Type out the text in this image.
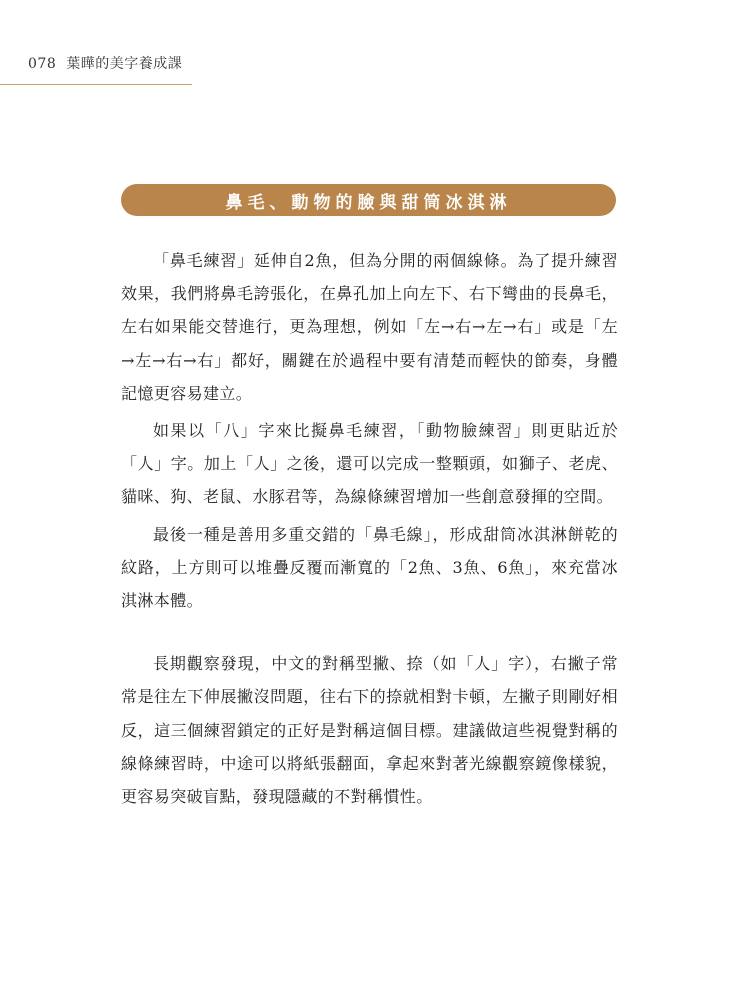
078 葉曄的美字養成課
鼻毛、動物的臉與甜筒冰淇淋

「鼻毛練習」延伸自2魚，但為分開的兩個線條。為了提升練習效果，我們將鼻毛誇張化，在鼻孔加上向左下、右下彎曲的長鼻毛，左右如果能交替進行，更為理想，例如「左→右→左→右」或是「左→左→右→右」都好，關鍵在於過程中要有清楚而輕快的節奏，身體記憶更容易建立。

如果以「八」字來比擬鼻毛練習，「動物臉練習」則更貼近於「人」字。加上「人」之後，還可以完成一整顆頭，如獅子、老虎、貓咪、狗、老鼠、水豚君等，為線條練習增加一些創意發揮的空間。

最後一種是善用多重交錯的「鼻毛線」，形成甜筒冰淇淋餅乾的紋路，上方則可以堆疊反覆而漸寬的「2魚、3魚、6魚」，來充當冰淇淋本體。

長期觀察發現，中文的對稱型撇、捺（如「人」字），右撇子常常是往左下伸展撇沒問題，往右下的捺就相對卡頓，左撇子則剛好相反，這三個練習鎖定的正好是對稱這個目標。建議做這些視覺對稱的線條練習時，中途可以將紙張翻面，拿起來對著光線觀察鏡像樣貌，更容易突破盲點，發現隱藏的不對稱慣性。
